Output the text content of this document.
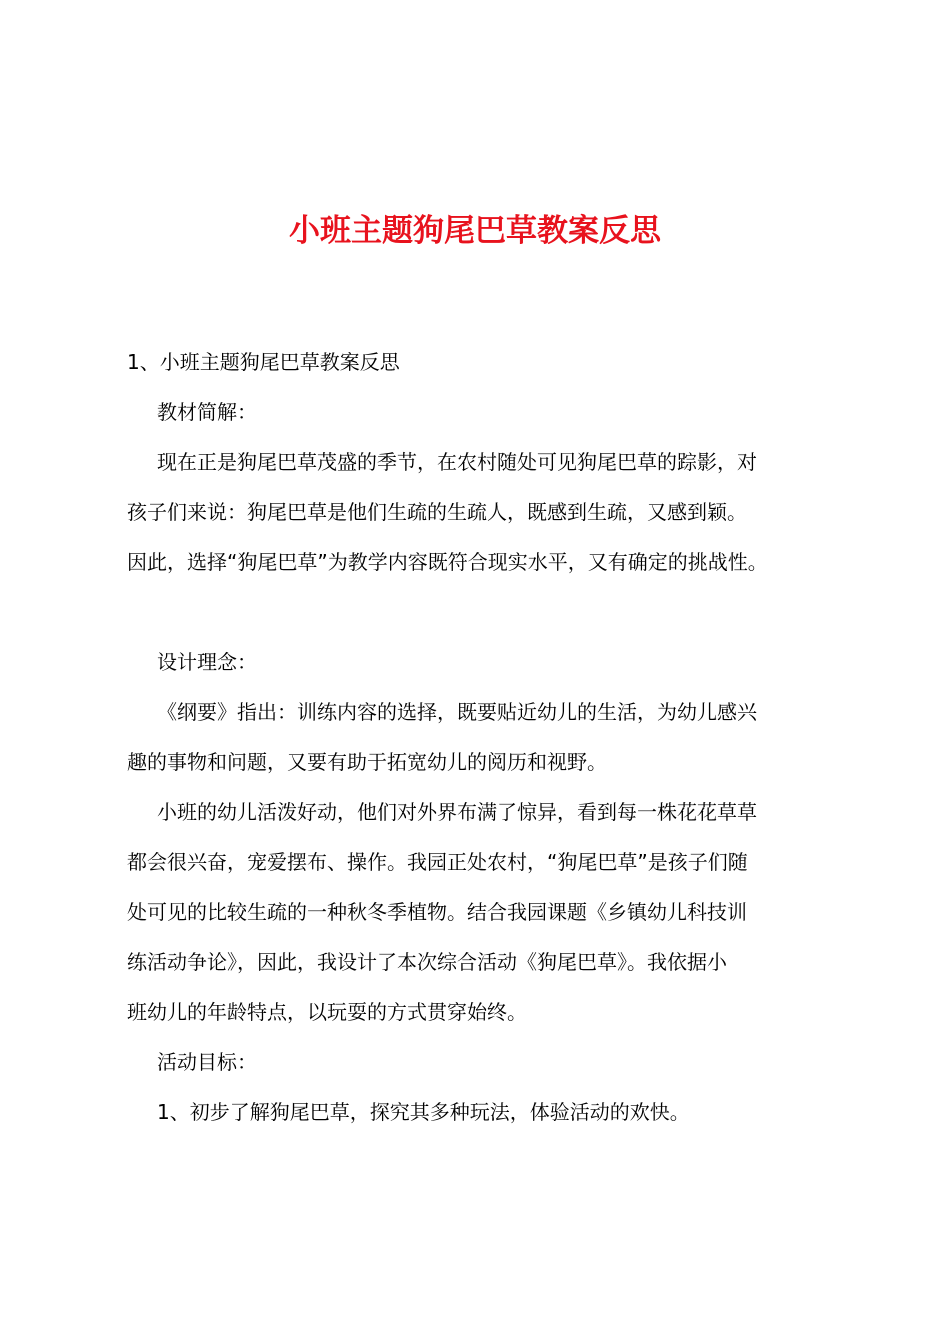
小班主题狗尾巴草教案反思
1、小班主题狗尾巴草教案反思
教材简解：
现在正是狗尾巴草茂盛的季节，在农村随处可见狗尾巴草的踪影，对
孩子们来说：狗尾巴草是他们生疏的生疏人，既感到生疏，又感到颖。
因此，选择“狗尾巴草”为教学内容既符合现实水平，又有确定的挑战性。
设计理念：
《纲要》指出：训练内容的选择，既要贴近幼儿的生活，为幼儿感兴
趣的事物和问题，又要有助于拓宽幼儿的阅历和视野。
小班的幼儿活泼好动，他们对外界布满了惊异，看到每一株花花草草
都会很兴奋，宠爱摆布、操作。我园正处农村，“狗尾巴草”是孩子们随
处可见的比较生疏的一种秋冬季植物。结合我园课题《乡镇幼儿科技训
练活动争论》，因此，我设计了本次综合活动《狗尾巴草》。我依据小
班幼儿的年龄特点，以玩耍的方式贯穿始终。
活动目标：
1、初步了解狗尾巴草，探究其多种玩法，体验活动的欢快。
